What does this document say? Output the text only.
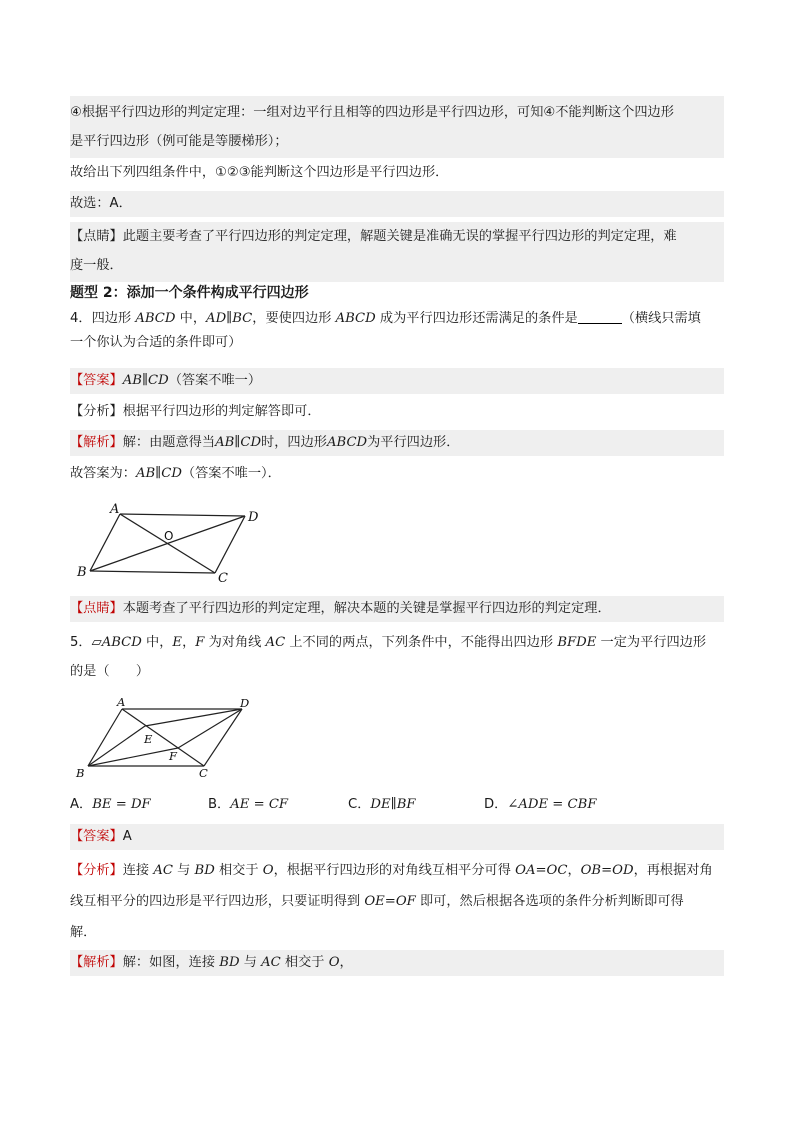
④根据平行四边形的判定定理：一组对边平行且相等的四边形是平行四边形，可知④不能判断这个四边形
是平行四边形（例可能是等腰梯形）；
故给出下列四组条件中，①②③能判断这个四边形是平行四边形．
故选：A．
【点睛】此题主要考查了平行四边形的判定定理，解题关键是准确无误的掌握平行四边形的判定定理，难
度一般．
题型 2：添加一个条件构成平行四边形
4．四边形 ABCD 中，AD∥BC，要使四边形 ABCD 成为平行四边形还需满足的条件是	（横线只需填
一个你认为合适的条件即可）
【答案】AB∥CD（答案不唯一）
【分析】根据平行四边形的判定解答即可．
【解析】解：由题意得当AB∥CD时，四边形ABCD为平行四边形．
故答案为：AB∥CD（答案不唯一）．
A
D
B	C
O
【点睛】本题考查了平行四边形的判定定理，解决本题的关键是掌握平行四边形的判定定理．
5．▱ABCD 中，E，F 为对角线 AC 上不同的两点，下列条件中，不能得出四边形 BFDE 一定为平行四边形
的是（　　）
A	D
B	C
E
F
A．BE = DF	B．AE = CF	C．DE∥BF	D．∠ADE = CBF
【答案】A
【分析】连接 AC 与 BD 相交于 O，根据平行四边形的对角线互相平分可得 OA=OC，OB=OD，再根据对角
线互相平分的四边形是平行四边形，只要证明得到 OE=OF 即可，然后根据各选项的条件分析判断即可得
解．
【解析】解：如图，连接 BD 与 AC 相交于 O，
